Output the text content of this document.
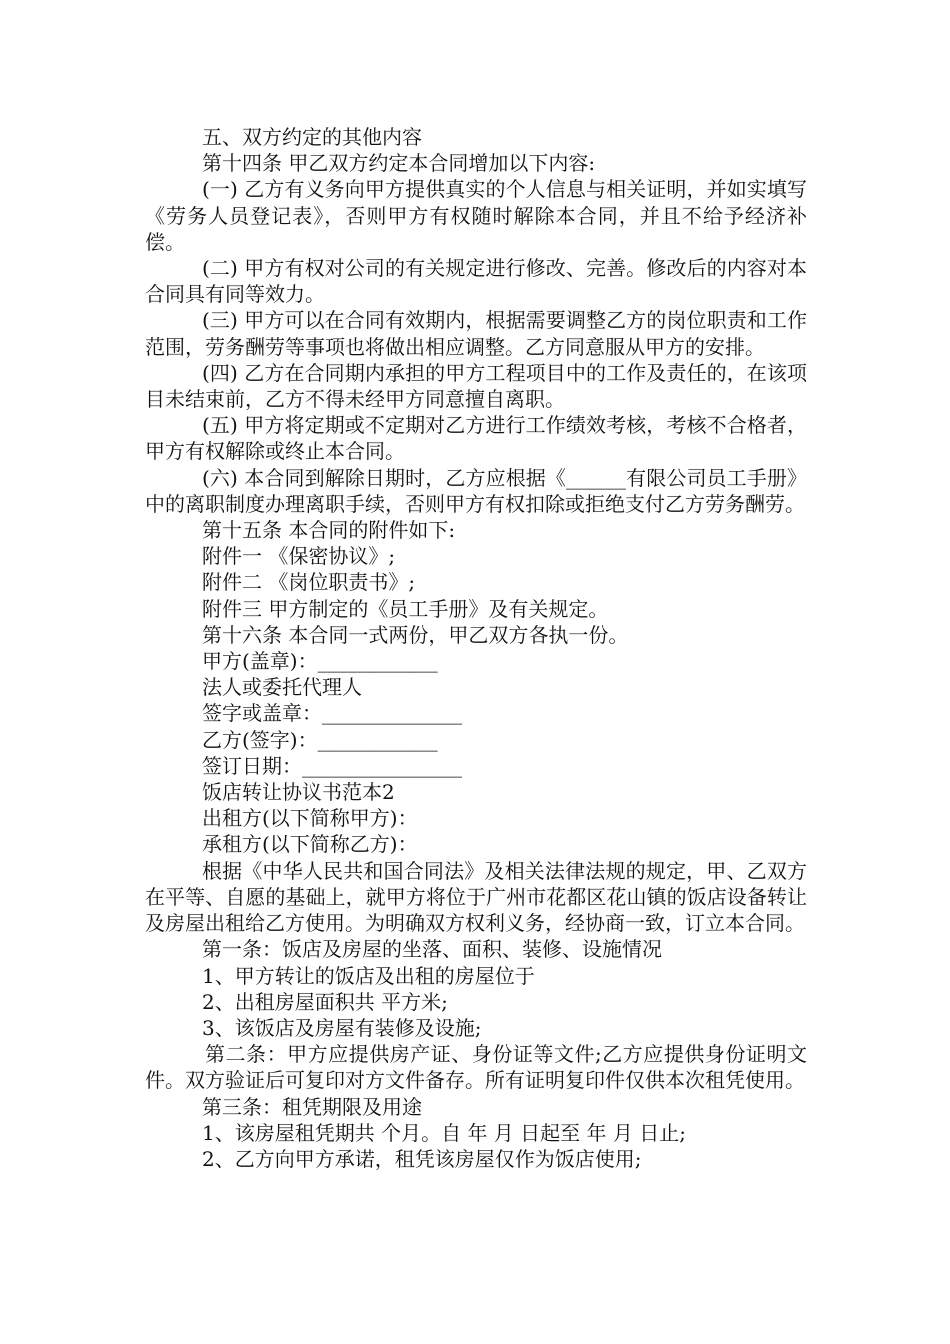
五、双方约定的其他内容

第十四条 甲乙双方约定本合同增加以下内容:

(一) 乙方有义务向甲方提供真实的个人信息与相关证明，并如实填写《劳务人员登记表》，否则甲方有权随时解除本合同，并且不给予经济补偿。

(二) 甲方有权对公司的有关规定进行修改、完善。修改后的内容对本合同具有同等效力。

(三) 甲方可以在合同有效期内，根据需要调整乙方的岗位职责和工作范围，劳务酬劳等事项也将做出相应调整。乙方同意服从甲方的安排。

(四) 乙方在合同期内承担的甲方工程项目中的工作及责任的，在该项目未结束前，乙方不得未经甲方同意擅自离职。

(五) 甲方将定期或不定期对乙方进行工作绩效考核，考核不合格者，甲方有权解除或终止本合同。

(六) 本合同到解除日期时，乙方应根据《______有限公司员工手册》中的离职制度办理离职手续，否则甲方有权扣除或拒绝支付乙方劳务酬劳。

第十五条 本合同的附件如下:

附件一 《保密协议》;

附件二 《岗位职责书》;

附件三 甲方制定的《员工手册》及有关规定。

第十六条 本合同一式两份，甲乙双方各执一份。

甲方(盖章)：____________

法人或委托代理人

签字或盖章：______________

乙方(签字)：____________

签订日期：________________

饭店转让协议书范本2

出租方(以下简称甲方)：

承租方(以下简称乙方)：

根据《中华人民共和国合同法》及相关法律法规的规定，甲、乙双方在平等、自愿的基础上，就甲方将位于广州市花都区花山镇的饭店设备转让及房屋出租给乙方使用。为明确双方权利义务，经协商一致，订立本合同。

第一条：饭店及房屋的坐落、面积、装修、设施情况

1、甲方转让的饭店及出租的房屋位于

2、出租房屋面积共 平方米;

3、该饭店及房屋有装修及设施;

第二条：甲方应提供房产证、身份证等文件;乙方应提供身份证明文件。双方验证后可复印对方文件备存。所有证明复印件仅供本次租凭使用。

第三条：租凭期限及用途

1、该房屋租凭期共 个月。自 年 月 日起至 年 月 日止;

2、乙方向甲方承诺，租凭该房屋仅作为饭店使用;
